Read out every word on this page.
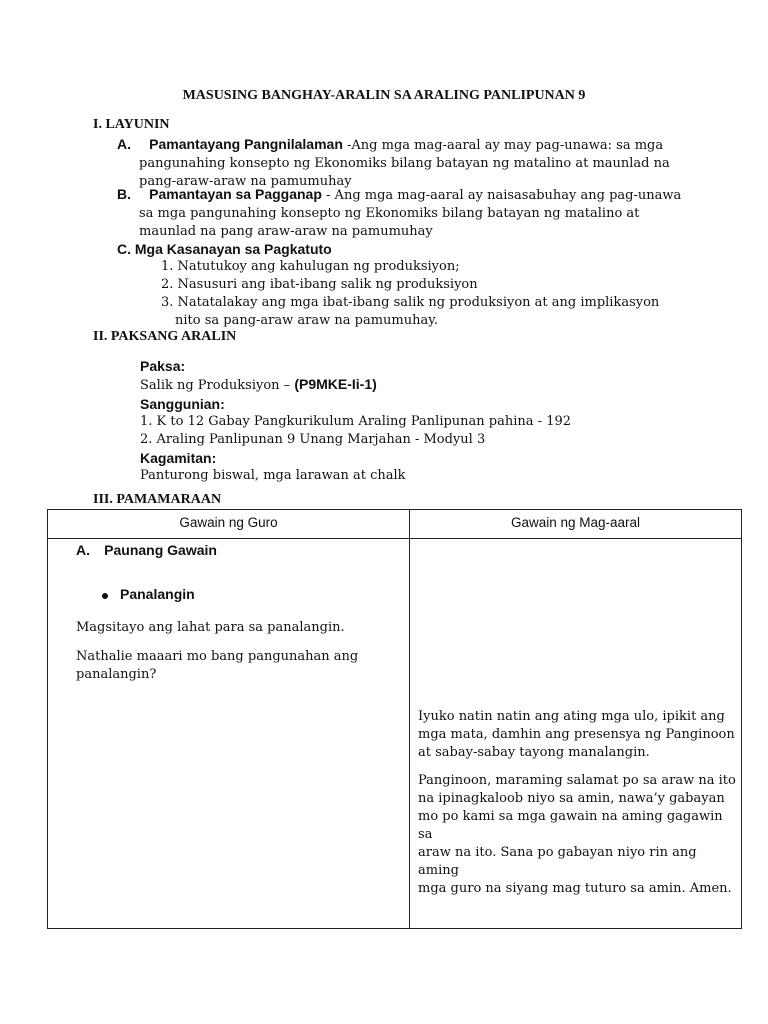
MASUSING BANGHAY-ARALIN SA ARALING PANLIPUNAN 9
I. LAYUNIN
A. Pamantayang Pangnilalaman -Ang mga mag-aaral ay may pag-unawa: sa mga
pangunahing konsepto ng Ekonomiks bilang batayan ng matalino at maunlad na
pang-araw-araw na pamumuhay
B. Pamantayan sa Pagganap - Ang mga mag-aaral ay naisasabuhay ang pag-unawa
sa mga pangunahing konsepto ng Ekonomiks bilang batayan ng matalino at
maunlad na pang araw-araw na pamumuhay
C. Mga Kasanayan sa Pagkatuto
1. Natutukoy ang kahulugan ng produksiyon;
2. Nasusuri ang ibat-ibang salik ng produksiyon
3. Natatalakay ang mga ibat-ibang salik ng produksiyon at ang implikasyon
nito sa pang-araw araw na pamumuhay.
II. PAKSANG ARALIN
Paksa:
Salik ng Produksiyon – (P9MKE-Ii-1)
Sanggunian:
1. K to 12 Gabay Pangkurikulum Araling Panlipunan pahina - 192
2. Araling Panlipunan 9 Unang Marjahan - Modyul 3
Kagamitan:
Panturong biswal, mga larawan at chalk
III. PAMAMARAAN
Gawain ng Guro	Gawain ng Mag-aaral
A. Paunang Gawain
Panalangin
Magsitayo ang lahat para sa panalangin.
Nathalie maaari mo bang pangunahan ang
panalangin?
Iyuko natin natin ang ating mga ulo, ipikit ang
mga mata, damhin ang presensya ng Panginoon
at sabay-sabay tayong manalangin.
Panginoon, maraming salamat po sa araw na ito
na ipinagkaloob niyo sa amin, nawa’y gabayan
mo po kami sa mga gawain na aming gagawin sa
araw na ito. Sana po gabayan niyo rin ang aming
mga guro na siyang mag tuturo sa amin. Amen.
